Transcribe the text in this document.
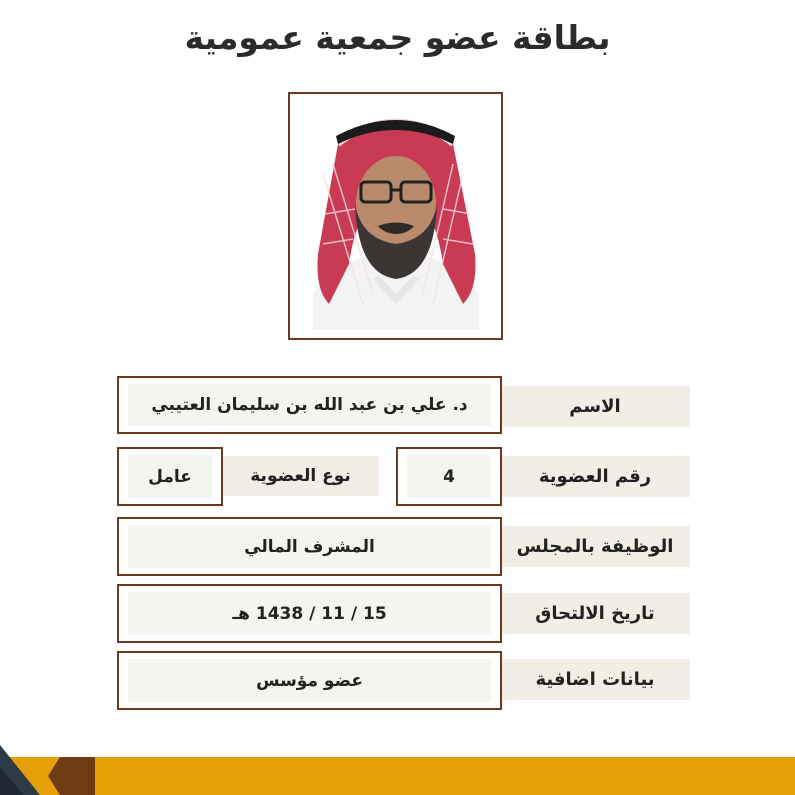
بطاقة عضو جمعية عمومية
الاسم
د. علي بن عبد الله بن سليمان العتيبي
رقم العضوية
4
نوع العضوية
عامل
الوظيفة بالمجلس
المشرف المالي
تاريخ الالتحاق
15 / 11 / 1438 هـ
بيانات اضافية
عضو مؤسس
